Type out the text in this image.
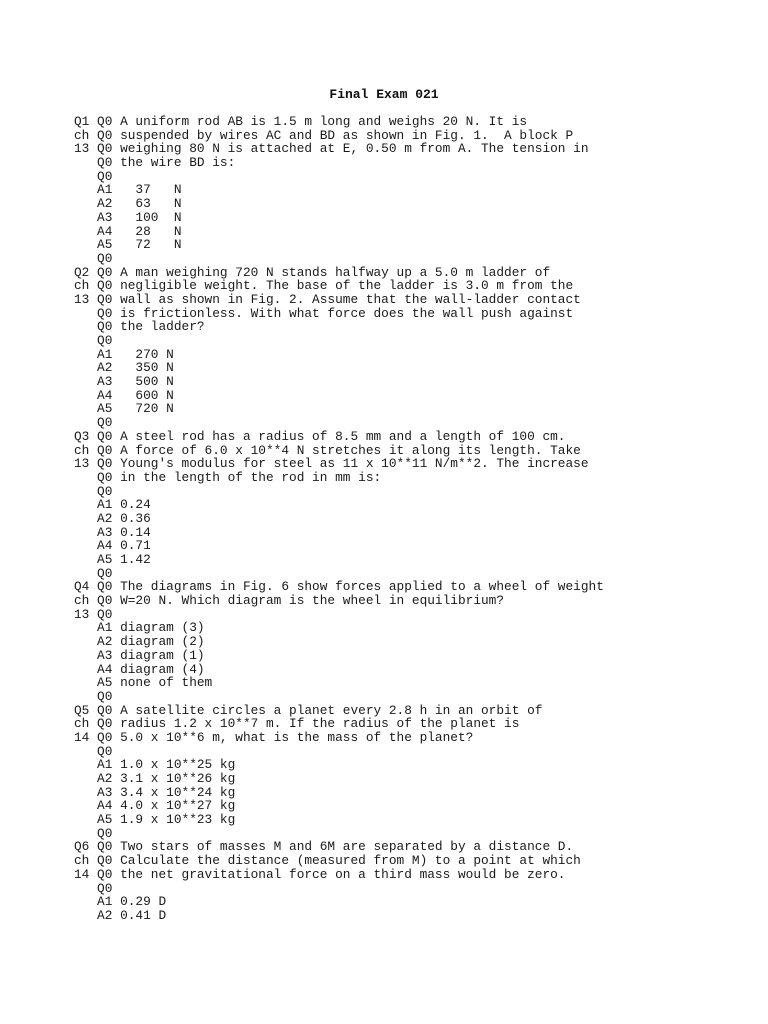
Final Exam 021
Q1 Q0 A uniform rod AB is 1.5 m long and weighs 20 N. It is
ch Q0 suspended by wires AC and BD as shown in Fig. 1.  A block P
13 Q0 weighing 80 N is attached at E, 0.50 m from A. The tension in
Q0 the wire BD is:
Q0
A1   37   N
A2   63   N
A3   100  N
A4   28   N
A5   72   N
Q0
Q2 Q0 A man weighing 720 N stands halfway up a 5.0 m ladder of
ch Q0 negligible weight. The base of the ladder is 3.0 m from the
13 Q0 wall as shown in Fig. 2. Assume that the wall-ladder contact
Q0 is frictionless. With what force does the wall push against
Q0 the ladder?
Q0
A1   270 N
A2   350 N
A3   500 N
A4   600 N
A5   720 N
Q0
Q3 Q0 A steel rod has a radius of 8.5 mm and a length of 100 cm.
ch Q0 A force of 6.0 x 10**4 N stretches it along its length. Take
13 Q0 Young's modulus for steel as 11 x 10**11 N/m**2. The increase
Q0 in the length of the rod in mm is:
Q0
A1 0.24
A2 0.36
A3 0.14
A4 0.71
A5 1.42
Q0
Q4 Q0 The diagrams in Fig. 6 show forces applied to a wheel of weight
ch Q0 W=20 N. Which diagram is the wheel in equilibrium?
13 Q0
A1 diagram (3)
A2 diagram (2)
A3 diagram (1)
A4 diagram (4)
A5 none of them
Q0
Q5 Q0 A satellite circles a planet every 2.8 h in an orbit of
ch Q0 radius 1.2 x 10**7 m. If the radius of the planet is
14 Q0 5.0 x 10**6 m, what is the mass of the planet?
Q0
A1 1.0 x 10**25 kg
A2 3.1 x 10**26 kg
A3 3.4 x 10**24 kg
A4 4.0 x 10**27 kg
A5 1.9 x 10**23 kg
Q0
Q6 Q0 Two stars of masses M and 6M are separated by a distance D.
ch Q0 Calculate the distance (measured from M) to a point at which
14 Q0 the net gravitational force on a third mass would be zero.
Q0
A1 0.29 D
A2 0.41 D
